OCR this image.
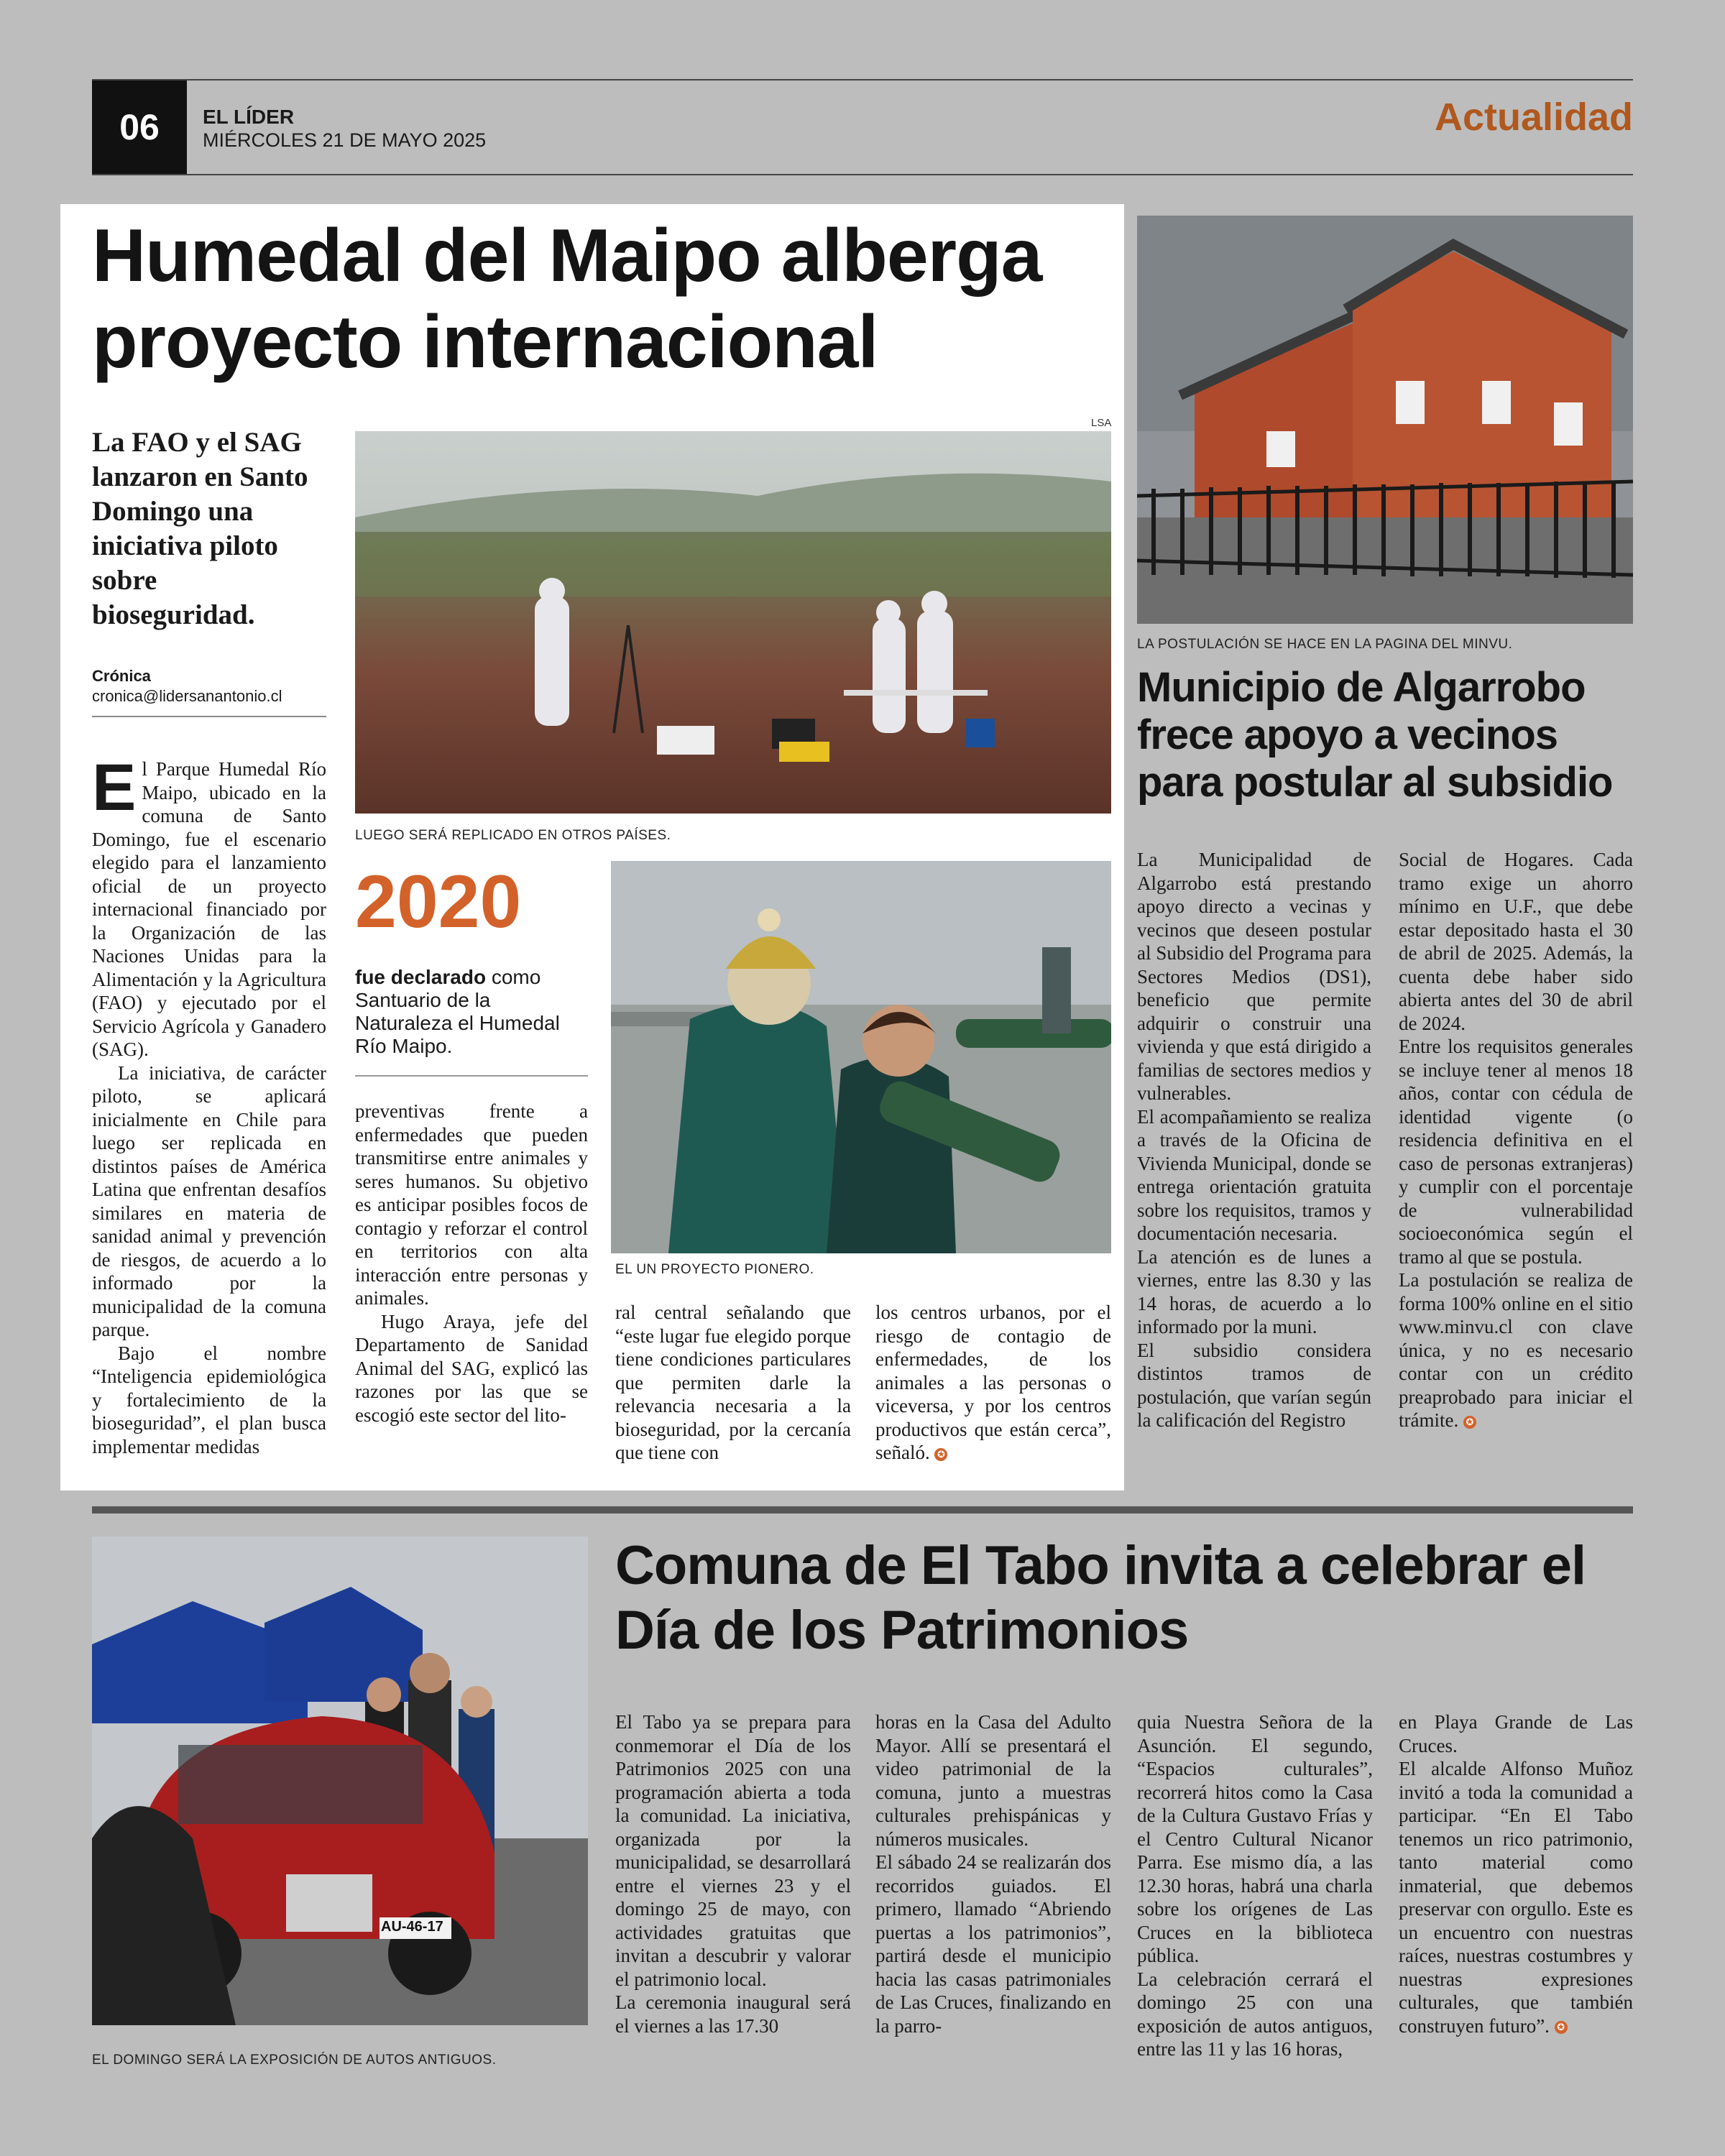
06	EL LÍDER
MIÉRCOLES 21 DE MAYO 2025
Actualidad
Humedal del Maipo alberga proyecto internacional
La FAO y el SAG lanzaron en Santo Domingo una iniciativa piloto sobre bioseguridad.
Crónica
cronica@lidersanantonio.cl
LSA
LUEGO SERÁ REPLICADO EN OTROS PAÍSES.
2020
fue declarado como Santuario de la Naturaleza el Humedal Río Maipo.
EL UN PROYECTO PIONERO.

El Parque Humedal Río Maipo, ubicado en la comuna de Santo Domingo, fue el escenario elegido para el lanzamiento oficial de un proyecto internacional financiado por la Organización de las Naciones Unidas para la Alimentación y la Agricultura (FAO) y ejecutado por el Servicio Agrícola y Ganadero (SAG).

La iniciativa, de carácter piloto, se aplicará inicialmente en Chile para luego ser replicada en distintos países de América Latina que enfrentan desafíos similares en materia de sanidad animal y prevención de riesgos, de acuerdo a lo informado por la municipalidad de la comuna parque.

Bajo el nombre “Inteligencia epidemiológica y fortalecimiento de la bioseguridad”, el plan busca implementar medidas

preventivas frente a enfermedades que pueden transmitirse entre animales y seres humanos. Su objetivo es anticipar posibles focos de contagio y reforzar el control en territorios con alta interacción entre personas y animales.

Hugo Araya, jefe del Departamento de Sanidad Animal del SAG, explicó las razones por las que se escogió este sector del lito-

ral central señalando que “este lugar fue elegido porque tiene condiciones particulares que permiten darle la relevancia necesaria a la bioseguridad, por la cercanía que tiene con

los centros urbanos, por el riesgo de contagio de enfermedades, de los animales a las personas o viceversa, y por los centros productivos que están cerca”, señaló. ✪

LA POSTULACIÓN SE HACE EN LA PAGINA DEL MINVU.
Municipio de Algarrobo frece apoyo a vecinos para postular al subsidio

La Municipalidad de Algarrobo está prestando apoyo directo a vecinas y vecinos que deseen postular al Subsidio del Programa para Sectores Medios (DS1), beneficio que permite adquirir o construir una vivienda y que está dirigido a familias de sectores medios y vulnerables.

El acompañamiento se realiza a través de la Oficina de Vivienda Municipal, donde se entrega orientación gratuita sobre los requisitos, tramos y documentación necesaria.

La atención es de lunes a viernes, entre las 8.30 y las 14 horas, de acuerdo a lo informado por la muni.

El subsidio considera distintos tramos de postulación, que varían según la calificación del Registro

Social de Hogares. Cada tramo exige un ahorro mínimo en U.F., que debe estar depositado hasta el 30 de abril de 2025. Además, la cuenta debe haber sido abierta antes del 30 de abril de 2024.

Entre los requisitos generales se incluye tener al menos 18 años, contar con cédula de identidad vigente (o residencia definitiva en el caso de personas extranjeras) y cumplir con el porcentaje de vulnerabilidad socioeconómica según el tramo al que se postula.

La postulación se realiza de forma 100% online en el sitio www.minvu.cl con clave única, y no es necesario contar con un crédito preaprobado para iniciar el trámite. ✪

AU-46-17
EL DOMINGO SERÁ LA EXPOSICIÓN DE AUTOS ANTIGUOS.
Comuna de El Tabo invita a celebrar el Día de los Patrimonios

El Tabo ya se prepara para conmemorar el Día de los Patrimonios 2025 con una programación abierta a toda la comunidad. La iniciativa, organizada por la municipalidad, se desarrollará entre el viernes 23 y el domingo 25 de mayo, con actividades gratuitas que invitan a descubrir y valorar el patrimonio local.

La ceremonia inaugural será el viernes a las 17.30

horas en la Casa del Adulto Mayor. Allí se presentará el video patrimonial de la comuna, junto a muestras culturales prehispánicas y números musicales.

El sábado 24 se realizarán dos recorridos guiados. El primero, llamado “Abriendo puertas a los patrimonios”, partirá desde el municipio hacia las casas patrimoniales de Las Cruces, finalizando en la parro-

quia Nuestra Señora de la Asunción. El segundo, “Espacios culturales”, recorrerá hitos como la Casa de la Cultura Gustavo Frías y el Centro Cultural Nicanor Parra. Ese mismo día, a las 12.30 horas, habrá una charla sobre los orígenes de Las Cruces en la biblioteca pública.

La celebración cerrará el domingo 25 con una exposición de autos antiguos, entre las 11 y las 16 horas,

en Playa Grande de Las Cruces.

El alcalde Alfonso Muñoz invitó a toda la comunidad a participar. “En El Tabo tenemos un rico patrimonio, tanto material como inmaterial, que debemos preservar con orgullo. Este es un encuentro con nuestras raíces, nuestras costumbres y nuestras expresiones culturales, que también construyen futuro”. ✪
